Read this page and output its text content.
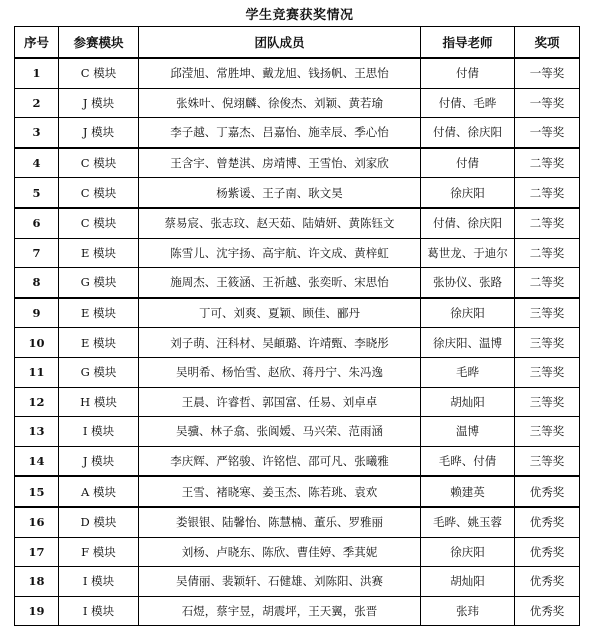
学生竞赛获奖情况
序号	参赛模块	团队成员	指导老师	奖项
1	C 模块	邱滢旭、常胜坤、戴龙旭、钱扬帆、王思怡	付倩	一等奖
2	J 模块	张姝叶、倪翊麟、徐俊杰、刘颖、黄若瑜	付倩、毛晔	一等奖
3	J 模块	李子越、丁嘉杰、吕嘉怡、施幸辰、季心怡	付倩、徐庆阳	一等奖
4	C 模块	王含宇、曾楚淇、房靖博、王雪怡、刘家欣	付倩	二等奖
5	C 模块	杨紫谖、王子南、耿文昊	徐庆阳	二等奖
6	C 模块	蔡易宸、张志玟、赵天茹、陆婧妍、黄陈钰文	付倩、徐庆阳	二等奖
7	E 模块	陈雪儿、沈宇扬、高宇航、许文成、黄梓虹	葛世龙、于迪尔	二等奖
8	G 模块	施周杰、王筱涵、王祈越、张奕昕、宋思怡	张协仪、张路	二等奖
9	E 模块	丁可、刘爽、夏颖、顾佳、郦丹	徐庆阳	三等奖
10	E 模块	刘子萌、汪科材、吴頔璐、许靖甄、李晓彤	徐庆阳、温博	三等奖
11	G 模块	吴明希、杨怡雪、赵欣、蒋丹宁、朱冯逸	毛晔	三等奖
12	H 模块	王晨、许睿哲、郭国富、任易、刘卓卓	胡灿阳	三等奖
13	I 模块	吴骥、林子翕、张阆嫒、马兴荣、范雨涵	温博	三等奖
14	J 模块	李庆辉、严铭骏、许铭恺、邵可凡、张曦雅	毛晔、付倩	三等奖
15	A 模块	王雪、褚晓寒、姜玉杰、陈若珧、袁欢	赖建英	优秀奖
16	D 模块	娄银银、陆馨怡、陈慧楠、董乐、罗雅丽	毛晔、姚玉蓉	优秀奖
17	F 模块	刘杨、卢晓东、陈欣、曹佳婷、季萁妮	徐庆阳	优秀奖
18	I 模块	吴倩丽、裴颖轩、石健雄、刘陈阳、洪赛	胡灿阳	优秀奖
19	I 模块	石煜，蔡宇昱，胡震坪，王天翼，张晋	张玮	优秀奖
